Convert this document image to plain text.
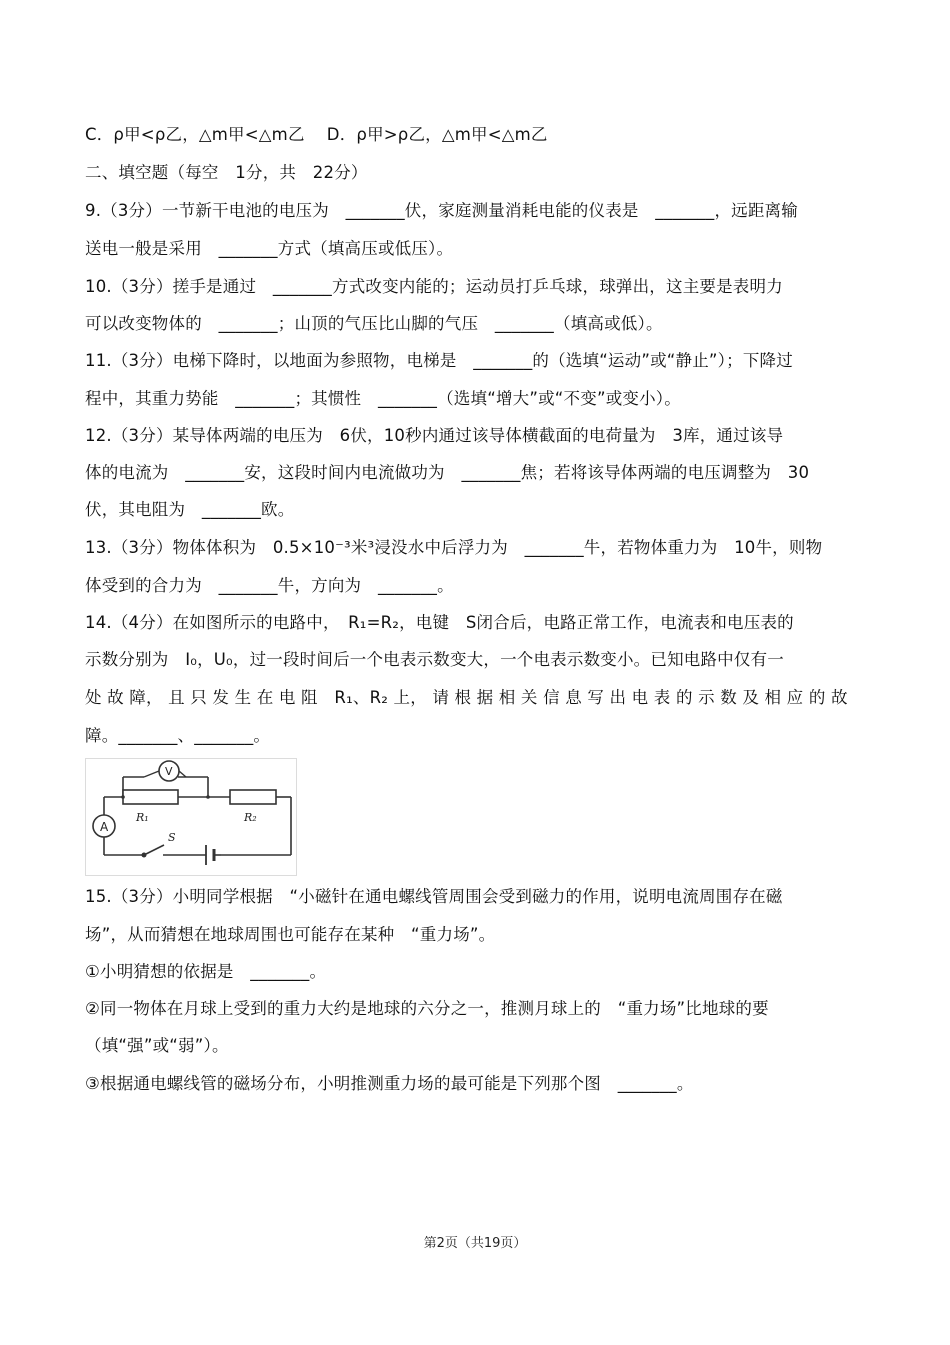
C．ρ甲<ρ乙，△m甲<△m乙　 D．ρ甲>ρ乙，△m甲<△m乙
二、填空题（每空　1分，共　22分）
9.（3分）一节新干电池的电压为　_______伏，家庭测量消耗电能的仪表是　_______，远距离输
送电一般是采用　_______方式（填高压或低压）。
10.（3分）搓手是通过　_______方式改变内能的；运动员打乒乓球，球弹出，这主要是表明力
可以改变物体的　_______；山顶的气压比山脚的气压　_______（填高或低）。
11.（3分）电梯下降时，以地面为参照物，电梯是　_______的（选填“运动”或“静止”）；下降过
程中，其重力势能　_______；其惯性　_______（选填“增大”或“不变”或变小）。
12.（3分）某导体两端的电压为　6伏，10秒内通过该导体横截面的电荷量为　3库，通过该导
体的电流为　_______安，这段时间内电流做功为　_______焦；若将该导体两端的电压调整为　30
伏，其电阻为　_______欧。
13.（3分）物体体积为　0.5×10⁻³米³浸没水中后浮力为　_______牛，若物体重力为　10牛，则物
体受到的合力为　_______牛，方向为　_______。
14.（4分）在如图所示的电路中，　R₁=R₂，电键　S闭合后，电路正常工作，电流表和电压表的
示数分别为　I₀，U₀，过一段时间后一个电表示数变大，一个电表示数变小。已知电路中仅有一
处 故 障， 且 只 发 生 在 电 阻　R₁、R₂ 上， 请 根 据 相 关 信 息 写 出 电 表 的 示 数 及 相 应 的 故
障。_______、_______。
A
V
R₁	R₂
S
15.（3分）小明同学根据　“小磁针在通电螺线管周围会受到磁力的作用，说明电流周围存在磁
场”，从而猜想在地球周围也可能存在某种　“重力场”。
①小明猜想的依据是　_______。
②同一物体在月球上受到的重力大约是地球的六分之一，推测月球上的　“重力场”比地球的要
（填“强”或“弱”）。
③根据通电螺线管的磁场分布，小明推测重力场的最可能是下列那个图　_______。
第2页（共19页）
